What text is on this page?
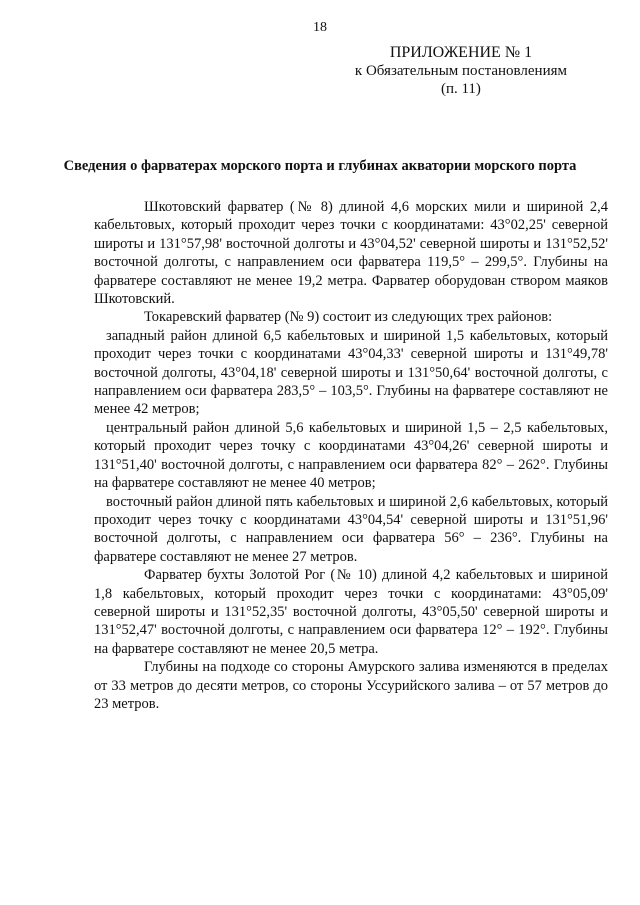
18
ПРИЛОЖЕНИЕ № 1
к Обязательным постановлениям
(п. 11)
Сведения о фарватерах морского порта и глубинах акватории морского порта

Шкотовский фарватер (№ 8) длиной 4,6 морских мили и шириной 2,4 кабельтовых, который проходит через точки с координатами: 43°02,25' северной широты и 131°57,98' восточной долготы и 43°04,52' северной широты и 131°52,52' восточной долготы, с направлением оси фарватера 119,5° – 299,5°. Глубины на фарватере составляют не менее 19,2 метра. Фарватер оборудован створом маяков Шкотовский.

Токаревский фарватер (№ 9) состоит из следующих трех районов:

западный район длиной 6,5 кабельтовых и шириной 1,5 кабельтовых, который проходит через точки с координатами 43°04,33' северной широты и 131°49,78' восточной долготы, 43°04,18' северной широты и 131°50,64' восточной долготы, с направлением оси фарватера 283,5° – 103,5°. Глубины на фарватере составляют не менее 42 метров;

центральный район длиной 5,6 кабельтовых и шириной 1,5 – 2,5 кабельтовых, который проходит через точку с координатами 43°04,26' северной широты и 131°51,40' восточной долготы, с направлением оси фарватера 82° – 262°. Глубины на фарватере составляют не менее 40 метров;

восточный район длиной пять кабельтовых и шириной 2,6 кабельтовых, который проходит через точку с координатами 43°04,54' северной широты и 131°51,96' восточной долготы, с направлением оси фарватера 56° – 236°. Глубины на фарватере составляют не менее 27 метров.

Фарватер бухты Золотой Рог (№ 10) длиной 4,2 кабельтовых и шириной 1,8 кабельтовых, который проходит через точки с координатами: 43°05,09' северной широты и 131°52,35' восточной долготы, 43°05,50' северной широты и 131°52,47' восточной долготы, с направлением оси фарватера 12° – 192°. Глубины на фарватере составляют не менее 20,5 метра.

Глубины на подходе со стороны Амурского залива изменяются в пределах от 33 метров до десяти метров, со стороны Уссурийского залива – от 57 метров до 23 метров.
